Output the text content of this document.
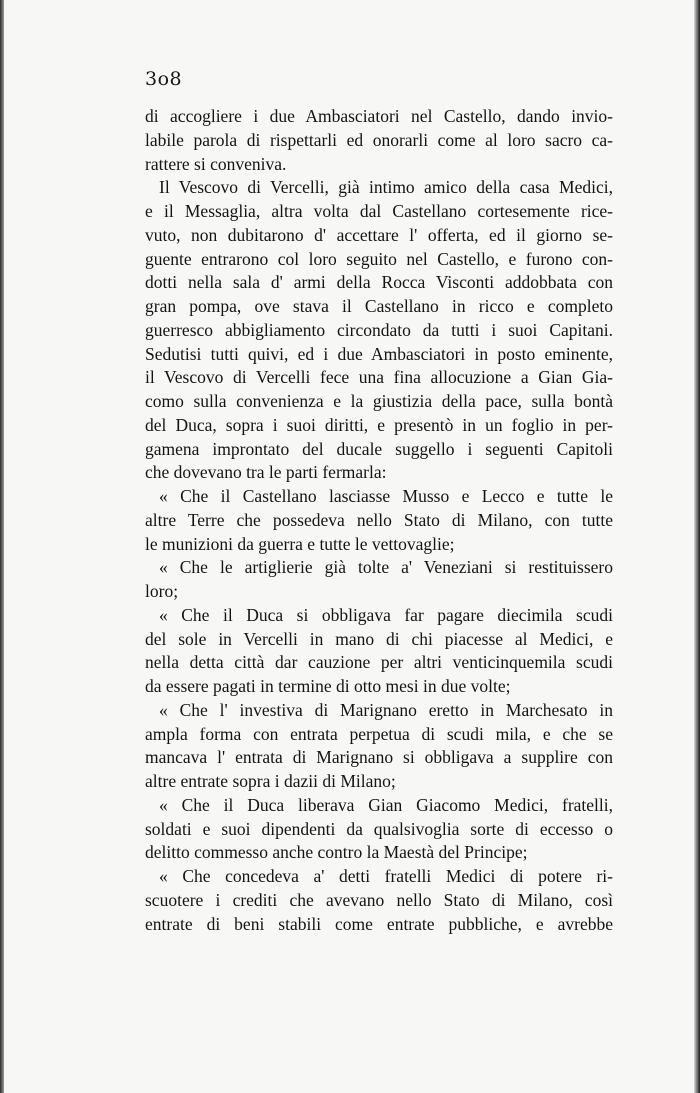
3o8
di accogliere i due Ambasciatori nel Castello, dando invio-
labile parola di rispettarli ed onorarli come al loro sacro ca-
rattere si conveniva.
Il Vescovo di Vercelli, già intimo amico della casa Medici,
e il Messaglia, altra volta dal Castellano cortesemente rice-
vuto, non dubitarono d' accettare l' offerta, ed il giorno se-
guente entrarono col loro seguito nel Castello, e furono con-
dotti nella sala d' armi della Rocca Visconti addobbata con
gran pompa, ove stava il Castellano in ricco e completo
guerresco abbigliamento circondato da tutti i suoi Capitani.
Sedutisi tutti quivi, ed i due Ambasciatori in posto eminente,
il Vescovo di Vercelli fece una fina allocuzione a Gian Gia-
como sulla convenienza e la giustizia della pace, sulla bontà
del Duca, sopra i suoi diritti, e presentò in un foglio in per-
gamena improntato del ducale suggello i seguenti Capitoli
che dovevano tra le parti fermarla:
« Che il Castellano lasciasse Musso e Lecco e tutte le
altre Terre che possedeva nello Stato di Milano, con tutte
le munizioni da guerra e tutte le vettovaglie;
« Che le artiglierie già tolte a' Veneziani si restituissero
loro;
« Che il Duca si obbligava far pagare diecimila scudi
del sole in Vercelli in mano di chi piacesse al Medici, e
nella detta città dar cauzione per altri venticinquemila scudi
da essere pagati in termine di otto mesi in due volte;
« Che l' investiva di Marignano eretto in Marchesato in
ampla forma con entrata perpetua di scudi mila, e che se
mancava l' entrata di Marignano si obbligava a supplire con
altre entrate sopra i dazii di Milano;
« Che il Duca liberava Gian Giacomo Medici, fratelli,
soldati e suoi dipendenti da qualsivoglia sorte di eccesso o
delitto commesso anche contro la Maestà del Principe;
« Che concedeva a' detti fratelli Medici di potere ri-
scuotere i crediti che avevano nello Stato di Milano, così
entrate di beni stabili come entrate pubbliche, e avrebbe
